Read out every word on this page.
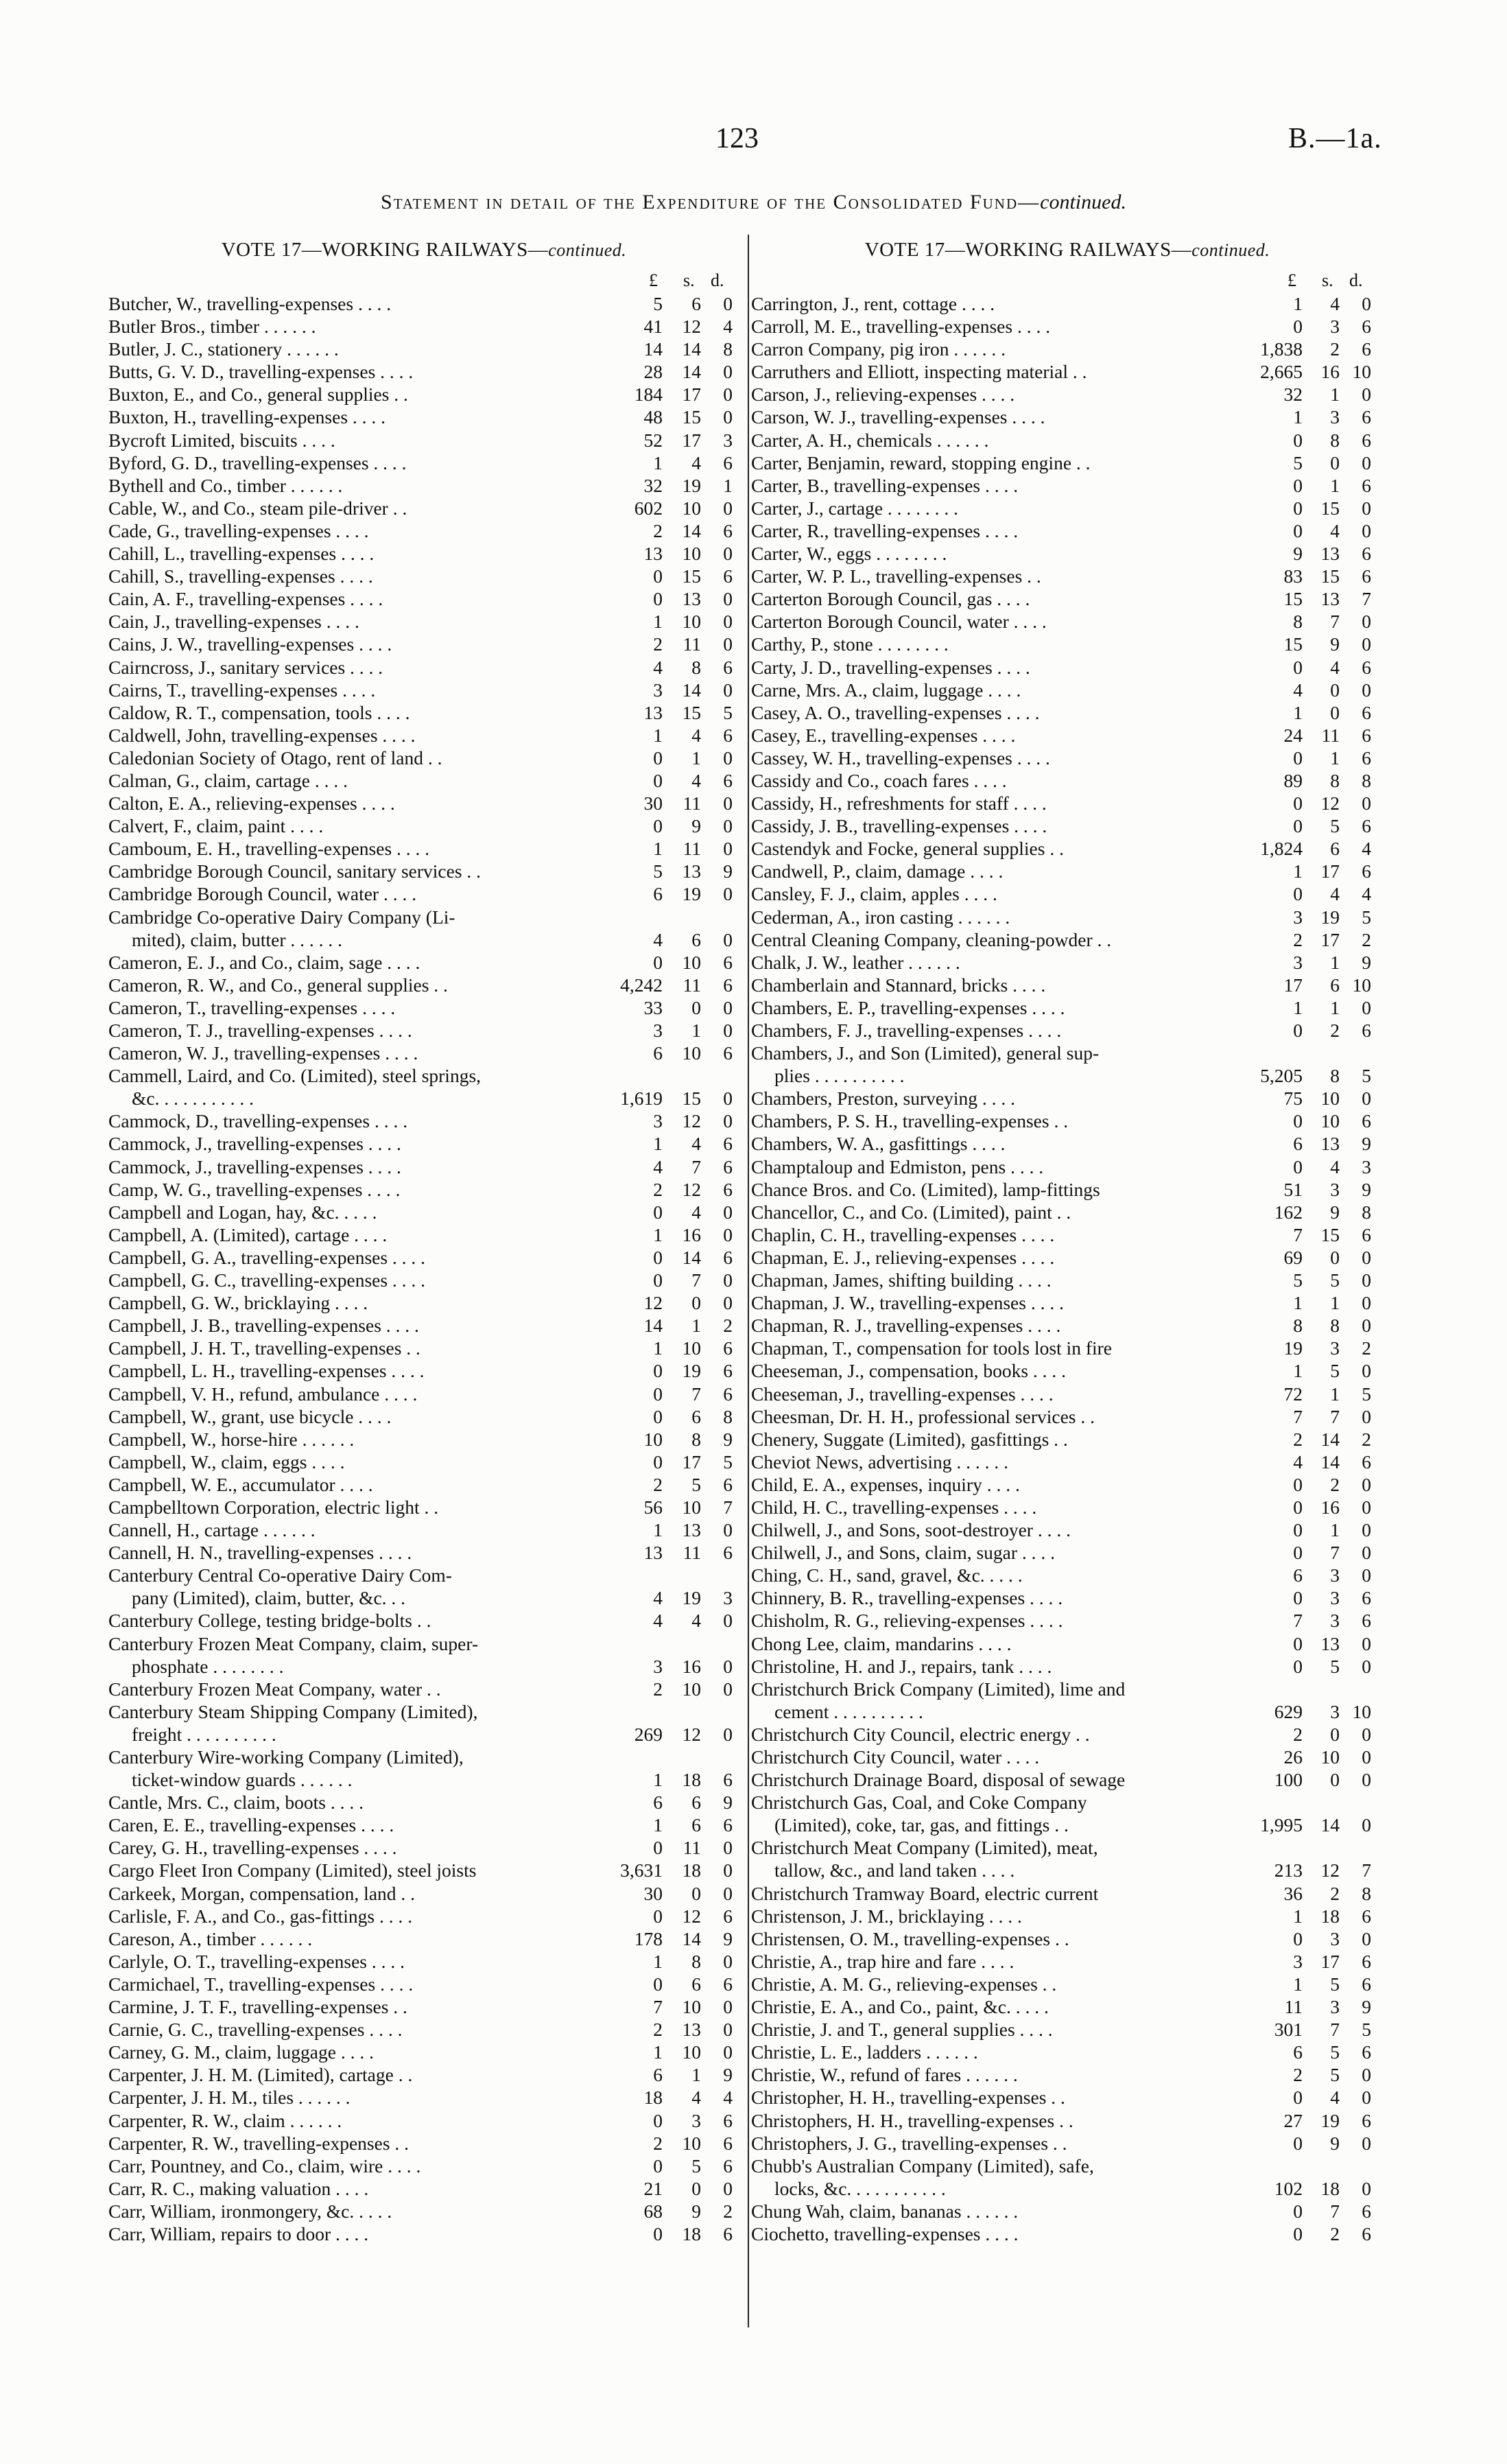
123	B.—1a.
Statement in detail of the Expenditure of the Consolidated Fund—continued.
VOTE 17—WORKING RAILWAYS—continued.
£ s. d.
Butcher, W., travelling-expenses . . . .	5	6	0
Butler Bros., timber . . . . . .	41	12	4
Butler, J. C., stationery . . . . . .	14	14	8
Butts, G. V. D., travelling-expenses . . . .	28	14	0
Buxton, E., and Co., general supplies . .	184	17	0
Buxton, H., travelling-expenses . . . .	48	15	0
Bycroft Limited, biscuits . . . .	52	17	3
Byford, G. D., travelling-expenses . . . .	1	4	6
Bythell and Co., timber . . . . . .	32	19	1
Cable, W., and Co., steam pile-driver . .	602	10	0
Cade, G., travelling-expenses . . . .	2	14	6
Cahill, L., travelling-expenses . . . .	13	10	0
Cahill, S., travelling-expenses . . . .	0	15	6
Cain, A. F., travelling-expenses . . . .	0	13	0
Cain, J., travelling-expenses . . . .	1	10	0
Cains, J. W., travelling-expenses . . . .	2	11	0
Cairncross, J., sanitary services . . . .	4	8	6
Cairns, T., travelling-expenses . . . .	3	14	0
Caldow, R. T., compensation, tools . . . .	13	15	5
Caldwell, John, travelling-expenses . . . .	1	4	6
Caledonian Society of Otago, rent of land . .	0	1	0
Calman, G., claim, cartage . . . .	0	4	6
Calton, E. A., relieving-expenses . . . .	30	11	0
Calvert, F., claim, paint . . . .	0	9	0
Camboum, E. H., travelling-expenses . . . .	1	11	0
Cambridge Borough Council, sanitary services . .	5	13	9
Cambridge Borough Council, water . . . .	6	19	0
Cambridge Co-operative Dairy Company (Li-
mited), claim, butter . . . . . .	4	6	0
Cameron, E. J., and Co., claim, sage . . . .	0	10	6
Cameron, R. W., and Co., general supplies . .	4,242	11	6
Cameron, T., travelling-expenses . . . .	33	0	0
Cameron, T. J., travelling-expenses . . . .	3	1	0
Cameron, W. J., travelling-expenses . . . .	6	10	6
Cammell, Laird, and Co. (Limited), steel springs,
&c. . . . . . . . . . .	1,619	15	0
Cammock, D., travelling-expenses . . . .	3	12	0
Cammock, J., travelling-expenses . . . .	1	4	6
Cammock, J., travelling-expenses . . . .	4	7	6
Camp, W. G., travelling-expenses . . . .	2	12	6
Campbell and Logan, hay, &c. . . . .	0	4	0
Campbell, A. (Limited), cartage . . . .	1	16	0
Campbell, G. A., travelling-expenses . . . .	0	14	6
Campbell, G. C., travelling-expenses . . . .	0	7	0
Campbell, G. W., bricklaying . . . .	12	0	0
Campbell, J. B., travelling-expenses . . . .	14	1	2
Campbell, J. H. T., travelling-expenses . .	1	10	6
Campbell, L. H., travelling-expenses . . . .	0	19	6
Campbell, V. H., refund, ambulance . . . .	0	7	6
Campbell, W., grant, use bicycle . . . .	0	6	8
Campbell, W., horse-hire . . . . . .	10	8	9
Campbell, W., claim, eggs . . . .	0	17	5
Campbell, W. E., accumulator . . . .	2	5	6
Campbelltown Corporation, electric light . .	56	10	7
Cannell, H., cartage . . . . . .	1	13	0
Cannell, H. N., travelling-expenses . . . .	13	11	6
Canterbury Central Co-operative Dairy Com-
pany (Limited), claim, butter, &c. . .	4	19	3
Canterbury College, testing bridge-bolts . .	4	4	0
Canterbury Frozen Meat Company, claim, super-
phosphate . . . . . . . .	3	16	0
Canterbury Frozen Meat Company, water . .	2	10	0
Canterbury Steam Shipping Company (Limited),
freight . . . . . . . . . .	269	12	0
Canterbury Wire-working Company (Limited),
ticket-window guards . . . . . .	1	18	6
Cantle, Mrs. C., claim, boots . . . .	6	6	9
Caren, E. E., travelling-expenses . . . .	1	6	6
Carey, G. H., travelling-expenses . . . .	0	11	0
Cargo Fleet Iron Company (Limited), steel joists	3,631	18	0
Carkeek, Morgan, compensation, land . .	30	0	0
Carlisle, F. A., and Co., gas-fittings . . . .	0	12	6
Careson, A., timber . . . . . .	178	14	9
Carlyle, O. T., travelling-expenses . . . .	1	8	0
Carmichael, T., travelling-expenses . . . .	0	6	6
Carmine, J. T. F., travelling-expenses . .	7	10	0
Carnie, G. C., travelling-expenses . . . .	2	13	0
Carney, G. M., claim, luggage . . . .	1	10	0
Carpenter, J. H. M. (Limited), cartage . .	6	1	9
Carpenter, J. H. M., tiles . . . . . .	18	4	4
Carpenter, R. W., claim . . . . . .	0	3	6
Carpenter, R. W., travelling-expenses . .	2	10	6
Carr, Pountney, and Co., claim, wire . . . .	0	5	6
Carr, R. C., making valuation . . . .	21	0	0
Carr, William, ironmongery, &c. . . . .	68	9	2
Carr, William, repairs to door . . . .	0	18	6
VOTE 17—WORKING RAILWAYS—continued.
£ s. d.
Carrington, J., rent, cottage . . . .	1	4	0
Carroll, M. E., travelling-expenses . . . .	0	3	6
Carron Company, pig iron . . . . . .	1,838	2	6
Carruthers and Elliott, inspecting material . .	2,665 16 10
Carson, J., relieving-expenses . . . .	32	1	0
Carson, W. J., travelling-expenses . . . .	1	3	6
Carter, A. H., chemicals . . . . . .	0	8	6
Carter, Benjamin, reward, stopping engine . .	5	0	0
Carter, B., travelling-expenses . . . .	0	1	6
Carter, J., cartage . . . . . . . .	0 15	0
Carter, R., travelling-expenses . . . .	0	4	0
Carter, W., eggs . . . . . . . .	9 13	6
Carter, W. P. L., travelling-expenses . .	83 15	6
Carterton Borough Council, gas . . . .	15 13	7
Carterton Borough Council, water . . . .	8	7	0
Carthy, P., stone . . . . . . . .	15	9	0
Carty, J. D., travelling-expenses . . . .	0	4	6
Carne, Mrs. A., claim, luggage . . . .	4	0	0
Casey, A. O., travelling-expenses . . . .	1	0	6
Casey, E., travelling-expenses . . . .	24	11	6
Cassey, W. H., travelling-expenses . . . .	0	1	6
Cassidy and Co., coach fares . . . .	89	8	8
Cassidy, H., refreshments for staff . . . .	0 12	0
Cassidy, J. B., travelling-expenses . . . .	0	5	6
Castendyk and Focke, general supplies . .	1,824	6	4
Candwell, P., claim, damage . . . .	1 17	6
Cansley, F. J., claim, apples . . . .	0	4	4
Cederman, A., iron casting . . . . . .	3 19	5
Central Cleaning Company, cleaning-powder . .	2 17	2
Chalk, J. W., leather . . . . . .	3	1	9
Chamberlain and Stannard, bricks . . . .	17	6 10
Chambers, E. P., travelling-expenses . . . .	1	1	0
Chambers, F. J., travelling-expenses . . . .	0	2	6
Chambers, J., and Son (Limited), general sup-
plies . . . . . . . . . .	5,205	8	5
Chambers, Preston, surveying . . . .	75 10	0
Chambers, P. S. H., travelling-expenses . .	0 10	6
Chambers, W. A., gasfittings . . . .	6 13	9
Champtaloup and Edmiston, pens . . . .	0	4	3
Chance Bros. and Co. (Limited), lamp-fittings	51	3	9
Chancellor, C., and Co. (Limited), paint . .	162	9	8
Chaplin, C. H., travelling-expenses . . . .	7 15	6
Chapman, E. J., relieving-expenses . . . .	69	0	0
Chapman, James, shifting building . . . .	5	5	0
Chapman, J. W., travelling-expenses . . . .	1	1	0
Chapman, R. J., travelling-expenses . . . .	8	8	0
Chapman, T., compensation for tools lost in fire	19	3	2
Cheeseman, J., compensation, books . . . .	1	5	0
Cheeseman, J., travelling-expenses . . . .	72	1	5
Cheesman, Dr. H. H., professional services . .	7	7	0
Chenery, Suggate (Limited), gasfittings . .	2 14	2
Cheviot News, advertising . . . . . .	4 14	6
Child, E. A., expenses, inquiry . . . .	0	2	0
Child, H. C., travelling-expenses . . . .	0 16	0
Chilwell, J., and Sons, soot-destroyer . . . .	0	1	0
Chilwell, J., and Sons, claim, sugar . . . .	0	7	0
Ching, C. H., sand, gravel, &c. . . . .	6	3	0
Chinnery, B. R., travelling-expenses . . . .	0	3	6
Chisholm, R. G., relieving-expenses . . . .	7	3	6
Chong Lee, claim, mandarins . . . .	0 13	0
Christoline, H. and J., repairs, tank . . . .	0	5	0
Christchurch Brick Company (Limited), lime and
cement . . . . . . . . . .	629	3 10
Christchurch City Council, electric energy . .	2	0	0
Christchurch City Council, water . . . .	26 10	0
Christchurch Drainage Board, disposal of sewage	100	0	0
Christchurch Gas, Coal, and Coke Company
(Limited), coke, tar, gas, and fittings . .	1,995 14	0
Christchurch Meat Company (Limited), meat,
tallow, &c., and land taken . . . .	213 12	7
Christchurch Tramway Board, electric current	36	2	8
Christenson, J. M., bricklaying . . . .	1 18	6
Christensen, O. M., travelling-expenses . .	0	3	0
Christie, A., trap hire and fare . . . .	3 17	6
Christie, A. M. G., relieving-expenses . .	1	5	6
Christie, E. A., and Co., paint, &c. . . . .	11	3	9
Christie, J. and T., general supplies . . . .	301	7	5
Christie, L. E., ladders . . . . . .	6	5	6
Christie, W., refund of fares . . . . . .	2	5	0
Christopher, H. H., travelling-expenses . .	0	4	0
Christophers, H. H., travelling-expenses . .	27 19	6
Christophers, J. G., travelling-expenses . .	0	9	0
Chubb's Australian Company (Limited), safe,
locks, &c. . . . . . . . . . .	102 18	0
Chung Wah, claim, bananas . . . . . .	0	7	6
Ciochetto, travelling-expenses . . . .	0	2	6
